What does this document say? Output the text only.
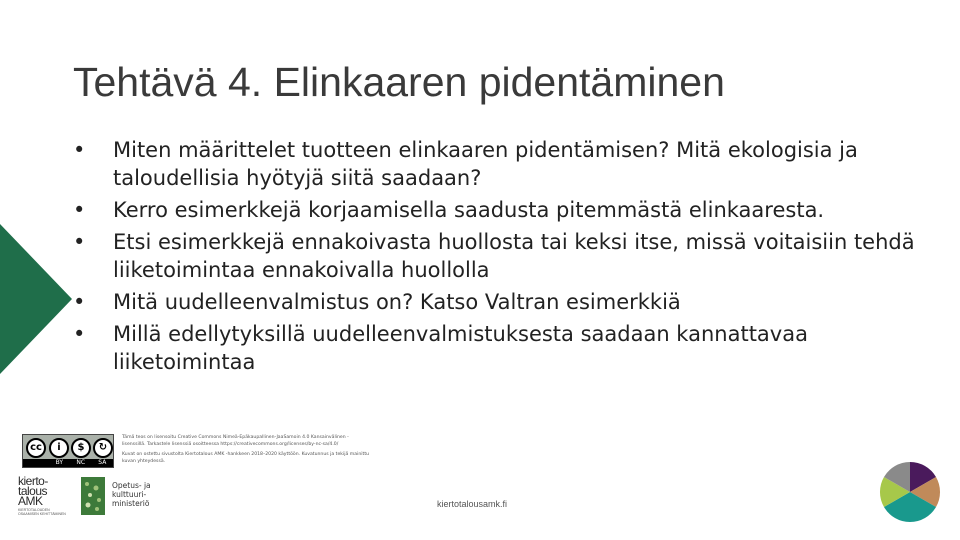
Tehtävä 4. Elinkaaren pidentäminen
•	Miten määrittelet tuotteen elinkaaren pidentämisen? Mitä ekologisia ja taloudellisia hyötyjä siitä saadaan?
•	Kerro esimerkkejä korjaamisella saadusta pitemmästä elinkaaresta.
•	Etsi esimerkkejä ennakoivasta huollosta tai keksi itse, missä voitaisiin tehdä liiketoimintaa ennakoivalla huollolla
•	Mitä uudelleenvalmistus on? Katso Valtran esimerkkiä
•	Millä edellytyksillä uudelleenvalmistuksesta saadaan kannattavaa liiketoimintaa
cc	i	$	↻
BY NC SA

Tämä teos on lisensoitu Creative Commons Nimeä-Epäkaupallinen-JaaSamoin 4.0 Kansainvälinen -lisenssillä. Tarkastele lisenssiä osoitteessa https://creativecommons.org/licenses/by-nc-sa/4.0/

Kuvat on ostettu sivustolta Kiertotalous AMK -hankkeen 2018–2020 käyttöön. Kuvatunnus ja tekijä mainittu kuvan yhteydessä.

kierto-
talous
AMK
KIERTOTALOUDEN OSAAMISEN KEHITTÄMINEN
Opetus- ja
kulttuuri-
ministeriö	kiertotalousamk.fi
